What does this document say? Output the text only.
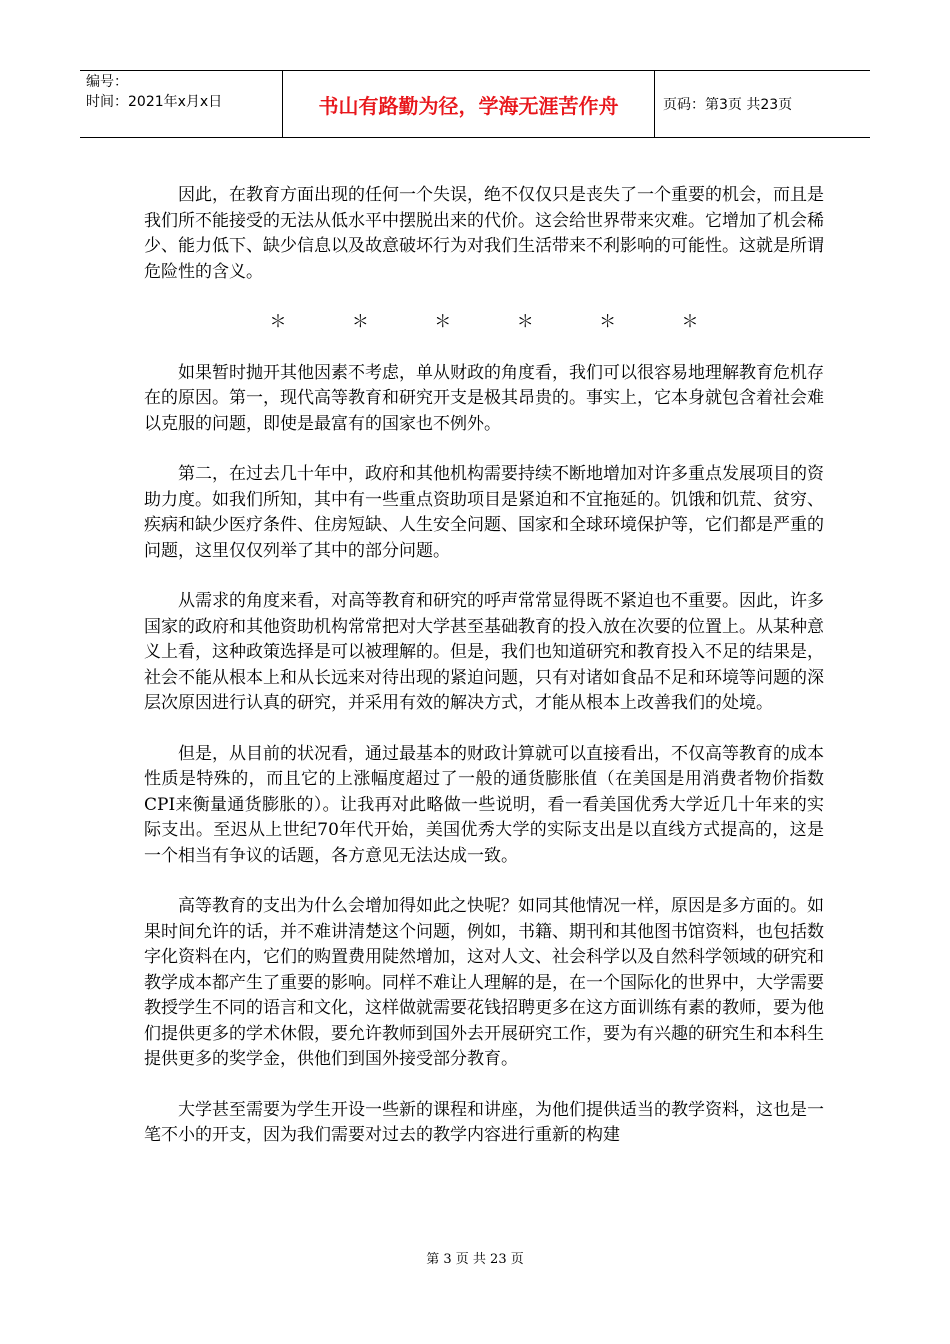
编号：
时间：2021年x月x日	书山有路勤为径，学海无涯苦作舟	页码：第3页 共23页

因此，在教育方面出现的任何一个失误，绝不仅仅只是丧失了一个重要的机会，而且是我们所不能接受的无法从低水平中摆脱出来的代价。这会给世界带来灾难。它增加了机会稀少、能力低下、缺少信息以及故意破坏行为对我们生活带来不利影响的可能性。这就是所谓危险性的含义。

＊ ＊ ＊ ＊ ＊ ＊

如果暂时抛开其他因素不考虑，单从财政的角度看，我们可以很容易地理解教育危机存在的原因。第一，现代高等教育和研究开支是极其昂贵的。事实上，它本身就包含着社会难以克服的问题，即使是最富有的国家也不例外。

第二，在过去几十年中，政府和其他机构需要持续不断地增加对许多重点发展项目的资助力度。如我们所知，其中有一些重点资助项目是紧迫和不宜拖延的。饥饿和饥荒、贫穷、疾病和缺少医疗条件、住房短缺、人生安全问题、国家和全球环境保护等，它们都是严重的问题，这里仅仅列举了其中的部分问题。

从需求的角度来看，对高等教育和研究的呼声常常显得既不紧迫也不重要。因此，许多国家的政府和其他资助机构常常把对大学甚至基础教育的投入放在次要的位置上。从某种意义上看，这种政策选择是可以被理解的。但是，我们也知道研究和教育投入不足的结果是，社会不能从根本上和从长远来对待出现的紧迫问题，只有对诸如食品不足和环境等问题的深层次原因进行认真的研究，并采用有效的解决方式，才能从根本上改善我们的处境。

但是，从目前的状况看，通过最基本的财政计算就可以直接看出，不仅高等教育的成本性质是特殊的，而且它的上涨幅度超过了一般的通货膨胀值（在美国是用消费者物价指数CPI来衡量通货膨胀的）。让我再对此略做一些说明，看一看美国优秀大学近几十年来的实际支出。至迟从上世纪70年代开始，美国优秀大学的实际支出是以直线方式提高的，这是一个相当有争议的话题，各方意见无法达成一致。

高等教育的支出为什么会增加得如此之快呢？如同其他情况一样，原因是多方面的。如果时间允许的话，并不难讲清楚这个问题，例如，书籍、期刊和其他图书馆资料，也包括数字化资料在内，它们的购置费用陡然增加，这对人文、社会科学以及自然科学领域的研究和教学成本都产生了重要的影响。同样不难让人理解的是，在一个国际化的世界中，大学需要教授学生不同的语言和文化，这样做就需要花钱招聘更多在这方面训练有素的教师，要为他们提供更多的学术休假，要允许教师到国外去开展研究工作，要为有兴趣的研究生和本科生提供更多的奖学金，供他们到国外接受部分教育。

大学甚至需要为学生开设一些新的课程和讲座，为他们提供适当的教学资料，这也是一笔不小的开支，因为我们需要对过去的教学内容进行重新的构建

第 3 页 共 23 页
